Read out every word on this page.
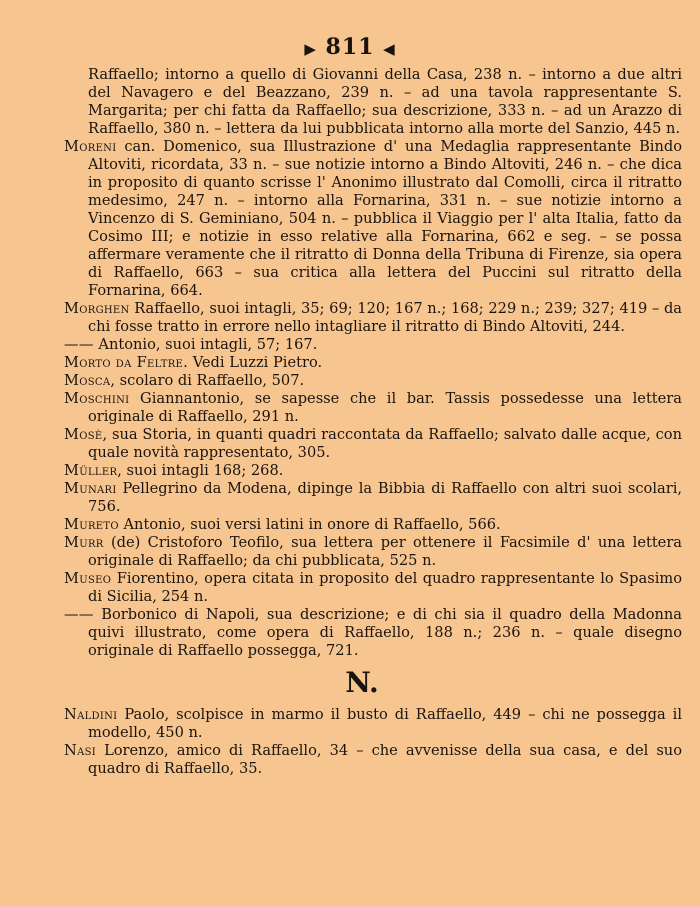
▶ 811 ◀

Raffaello; intorno a quello di Giovanni della Casa, 238 n. – intorno a due altri del Navagero e del Beazzano, 239 n. – ad una tavola rappresentante S. Margarita; per chi fatta da Raffaello; sua descrizione, 333 n. – ad un Arazzo di Raffaello, 380 n. – lettera da lui pubblicata intorno alla morte del Sanzio, 445 n.

Moreni can. Domenico, sua Illustrazione d' una Medaglia rappresentante Bindo Altoviti, ricordata, 33 n. – sue notizie intorno a Bindo Altoviti, 246 n. – che dica in proposito di quanto scrisse l' Anonimo illustrato dal Comolli, circa il ritratto medesimo, 247 n. – intorno alla Fornarina, 331 n. – sue notizie intorno a Vincenzo di S. Geminiano, 504 n. – pubblica il Viaggio per l' alta Italia, fatto da Cosimo III; e notizie in esso relative alla Fornarina, 662 e seg. – se possa affermare veramente che il ritratto di Donna della Tribuna di Firenze, sia opera di Raffaello, 663 – sua critica alla lettera del Puccini sul ritratto della Fornarina, 664.

Morghen Raffaello, suoi intagli, 35; 69; 120; 167 n.; 168; 229 n.; 239; 327; 419 – da chi fosse tratto in errore nello intagliare il ritratto di Bindo Altoviti, 244.

—— Antonio, suoi intagli, 57; 167.

Morto da Feltre. Vedi Luzzi Pietro.

Mosca, scolaro di Raffaello, 507.

Moschini Giannantonio, se sapesse che il bar. Tassis possedesse una lettera originale di Raffaello, 291 n.

Mosè, sua Storia, in quanti quadri raccontata da Raffaello; salvato dalle acque, con quale novità rappresentato, 305.

Müller, suoi intagli 168; 268.

Munari Pellegrino da Modena, dipinge la Bibbia di Raffaello con altri suoi scolari, 756.

Mureto Antonio, suoi versi latini in onore di Raffaello, 566.

Murr (de) Cristoforo Teofilo, sua lettera per ottenere il Facsimile d' una lettera originale di Raffaello; da chi pubblicata, 525 n.

Museo Fiorentino, opera citata in proposito del quadro rappresentante lo Spasimo di Sicilia, 254 n.

—— Borbonico di Napoli, sua descrizione; e di chi sia il quadro della Madonna quivi illustrato, come opera di Raffaello, 188 n.; 236 n. – quale disegno originale di Raffaello possegga, 721.

N.

Naldini Paolo, scolpisce in marmo il busto di Raffaello, 449 – chi ne possegga il modello, 450 n.

Nasi Lorenzo, amico di Raffaello, 34 – che avvenisse della sua casa, e del suo quadro di Raffaello, 35.
